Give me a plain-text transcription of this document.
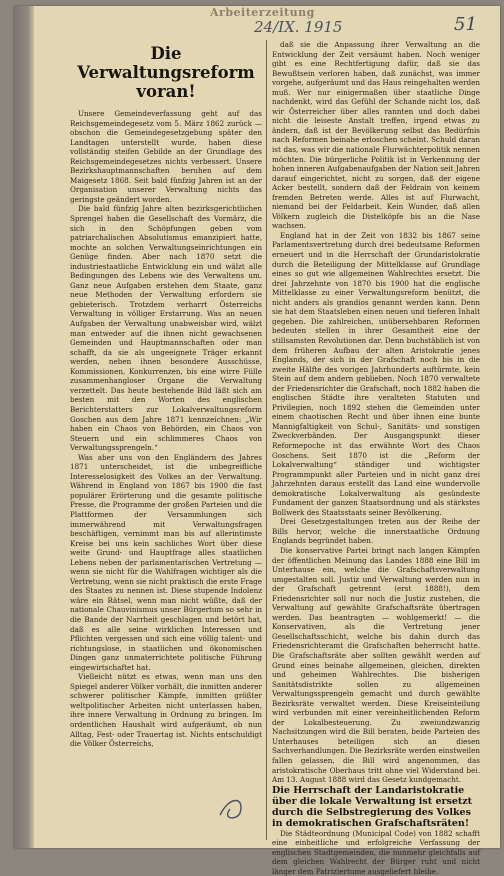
Arbeiterzeitung
24/IX. 1915	51
Die Verwaltungsreform
voran!

Unsere Gemeindeverfassung geht auf das Reichsgemeindegesetz vom 5. März 1862 zurück — obschon die Gemeindegesetzgebung später den Landtagen unterstellt wurde, haben diese vollständig steifen Gebilde an der Grundlage des Reichsgemeindegesetzes nichts verbessert. Unsere Bezirkshauptmannschaften beruhen auf dem Maigesetz 1868. Seit bald fünfzig Jahren ist an der Organisation unserer Verwaltung nichts das geringste geändert worden.

Die bald fünfzig Jahre alten bezirksgerichtlichen Sprengel haben die Gesellschaft des Vormärz, die sich in den Schöpfungen geben vom patriarchalischen Absolutismus emanzipiert hatte, mochte an solchen Verwaltungseinrichtungen ein Genüge finden. Aber nach 1870 setzt die industriestaatliche Entwicklung ein und wälzt alle Bedingungen des Lebens wie des Verwaltens um. Ganz neue Aufgaben erstehen dem Staate, ganz neue Methoden der Verwaltung erfordern sie gebieterisch. Trotzdem verharrt Österreichs Verwaltung in völliger Erstarrung. Was an neuen Aufgaben der Verwaltung unabweisbar wird, wälzt man entweder auf die ihnen nicht gewachsenen Gemeinden und Hauptmannschaften oder man schafft, da sie als ungeeignete Träger erkannt werden, neben ihnen besondere Ausschüsse, Kommissionen, Konkurrenzen, bis eine wirre Fülle zusammenhangloser Organe die Verwaltung verzettelt. Das heute bestehende Bild läßt sich am besten mit den Worten des englischen Berichterstatters zur Lokalverwaltungsreform Goschen aus dem Jahre 1871 kennzeichnen: „Wir haben ein Chaos von Behörden, ein Chaos von Steuern und ein schlimmeres Chaos von Verwaltungssprengeln.“

Was aber uns von den Engländern des Jahres 1871 unterscheidet, ist die unbegreifliche Interesselosigkeit des Volkes an der Verwaltung. Während in England von 1867 bis 1900 die fast populärer Erörterung und die gesamte politische Presse, die Programme der großen Parteien und die Plattformen der Versammlungen sich immerwährend mit Verwaltungsfragen beschäftigen, vernimmt man bis auf allerintimste Kreise bei uns kein sachliches Wort über diese weite Grund- und Hauptfrage alles staatlichen Lebens neben der parlamentarischen Vertretung — wenn sie nicht für die Wahlfragen wichtiger als die Vertretung, wenn sie nicht praktisch die erste Frage des Staates zu nennen ist. Diese stupende Indolenz wäre ein Rätsel, wenn man nicht wüßte, daß der nationale Chauvinismus unser Bürgertum so sehr in die Bande der Narrheit geschlagen und betört hat, daß es alle seine wirklichen Interessen und Pflichten vergessen und sich eine völlig talent- und richtungslose, in staatlichen und ökonomischen Dingen ganz unmaterrichtete politische Führung eingewirtschaftet hat.

Vielleicht nützt es etwas, wenn man uns den Spiegel anderer Völker vorhält, die inmitten anderer schwerer politischer Kämpfe, inmitten größter weltpolitischer Arbeiten nicht unterlassen haben, ihre innere Verwaltung in Ordnung zu bringen. Im ordentlichen Haushalt wird aufgeräumt, ob nun Alltag, Fest- oder Trauertag ist. Nichts entschuldigt die Völker Österreichs,

daß sie die Anpassung ihrer Verwaltung an die Entwicklung der Zeit versäumt haben. Noch weniger gibt es eine Rechtfertigung dafür, daß sie das Bewußtsein verloren haben, daß zunächst, was immer vorgehe, aufgeräumt und das Haus reingehalten werden muß. Wer nur einigermaßen über staatliche Dinge nachdenkt, wird das Gefühl der Schande nicht los, daß wir Österreicher über alles rannten und doch dabei nicht die leiseste Anstalt treffen, irgend etwas zu ändern, daß ist der Bevölkerung selbst das Bedürfnis nach Reformen beinahe erloschen scheint. Schuld daran ist das, was wir die nationale Flurwächterpolitik nennen möchten. Die bürgerliche Politik ist in Verkennung der hohen inneren Aufgabenaufgaben der Nation seit Jahren darauf eingerichtet, nicht zu sorgen, daß der eigene Acker bestellt, sondern daß der Feldrain von keinem fremden Betreten werde. Alles ist auf Flurwacht, niemand bei der Feldarbeit. Kein Wunder, daß allen Völkern zugleich die Distelköpfe bis an die Nase wachsen.

England hat in der Zeit von 1832 bis 1867 seine Parlamentsvertretung durch drei bedeutsame Reformen erneuert und in die Herrschaft der Grundaristokratie durch die Beteiligung der Mittelklasse auf Grundlage eines so gut wie allgemeinen Wahlrechtes ersetzt. Die drei Jahrzehnte von 1870 bis 1900 hat die englische Mittelklasse zu einer Verwaltungsreform benützt, die nicht anders als grandios genannt werden kann. Denn sie hat dem Staatsleben einen neuen und tieferen Inhalt gegeben. Die zahlreichen, unübersehbaren Reformen bedeuten stellen in ihrer Gesamtheit eine der stillsamsten Revolutionen dar. Denn buchstäblich ist von dem früheren Aufbau der alten Aristokratie jenes Englands, der sich in der Grafschaft noch bis in die zweite Hälfte des vorigen Jahrhunderts auftürmte, kein Stein auf dem andern geblieben. Noch 1870 verwaltete der Friedensrichter die Grafschaft, noch 1882 haben die englischen Städte ihre veralteten Statuten und Privilegien, noch 1892 stehen die Gemeinden unter einem chaotischen Recht und über ihnen eine bunte Mannigfaltigkeit von Schul-, Sanitäts- und sonstigen Zweckverbänden. Der Ausgangspunkt dieser Reformepoche ist das erwähnte Wort des Chaos Goschens. Seit 1870 ist die „Reform der Lokalverwaltung“ ständiger und wichtigster Programmpunkt aller Parteien und in nicht ganz drei Jahrzehnten daraus erstellt das Land eine wundervolle demokratische Lokalverwaltung als gesündeste Fundament der ganzen Staatsordnung und als stärkstes Bollwerk des Staatsstaats seiner Bevölkerung.

Drei Gesetzgestaltungen treten aus der Reihe der Bills hervor, welche die innerstaatliche Ordnung Englands begründet haben.

Die konservative Partei bringt nach langen Kämpfen der öffentlichen Meinung das Landes 1888 eine Bill im Unterhause ein, welche die Grafschaftsverwaltung umgestalten soll. Justiz und Verwaltung werden nun in der Grafschaft getrennt (erst 1888!), dem Friedensrichter soll nur noch die Justiz zustehen, die Verwaltung auf gewählte Grafschaftsräte übertragen werden. Das beantragten — wohlgemerkt! — die Konservativen, als die Vertretung jener Gesellschaftsschicht, welche bis dahin durch das Friedensrichteramt die Grafschaften beherrscht hatte. Die Grafschaftsräte aber sollten gewählt werden auf Grund eines beinahe allgemeinen, gleichen, direkten und geheimen Wahlrechtes. Die bisherigen Sanitätsdistrikte sollen zu allgemeinen Verwaltungssprengeln gemacht und durch gewählte Bezirksräte verwaltet werden. Diese Kreiseinteilung wird verbunden mit einer vereinheitlichenden Reform der Lokalbesteuerung. Zu zweiundzwanzig Nachsitzungen wird die Bill beraten, beide Parteien des Unterhauses beteiligen sich an diesen Sachverhandlungen. Die Bezirksräte werden einstweilen fallen gelassen, die Bill wird angenommen, das aristokratische Oberhaus tritt ohne viel Widerstand bei. Am 13. August 1888 wird das Gesetz kundgemacht.

Die Herrschaft der Landaristokratie über die lokale Verwaltung ist ersetzt durch die Selbstregierung des Volkes in demokratischen Grafschaftsräten!

Die Städteordnung (Municipal Code) von 1882 schafft eine einheitliche und erfolgreiche Verfassung der englischen Stadtgemeinden, die nunmehr gleichfalls auf dem gleichen Wahlrecht der Bürger ruht und nicht länger dem Patriziertume ausgeliefert bleibe.
